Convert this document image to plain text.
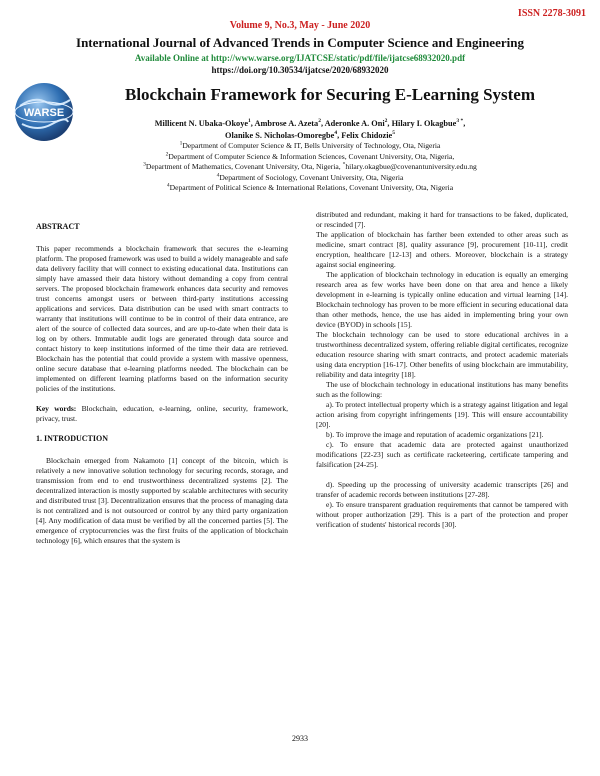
ISSN 2278-3091
Volume 9, No.3, May - June 2020
International Journal of Advanced Trends in Computer Science and Engineering
Available Online at http://www.warse.org/IJATCSE/static/pdf/file/ijatcse68932020.pdf
https://doi.org/10.30534/ijatcse/2020/68932020
WARSE
Blockchain Framework for Securing E-Learning System
Millicent N. Ubaka-Okoye$^1$, Ambrose A. Azeta$^2$, Aderonke A. Oni$^2$, Hilary I. Okagbue$^{3 *}$,
Olanike S. Nicholas-Omoregbe$^4$, Felix Chidozie$^5$
$^1$Department of Computer Science & IT, Bells University of Technology, Ota, Nigeria
$^2$Department of Computer Science & Information Sciences, Covenant University, Ota, Nigeria,
$^3$Department of Mathematics, Covenant University, Ota, Nigeria, *hilary.okagbue@covenantuniversity.edu.ng
$^4$Department of Sociology, Covenant University, Ota, Nigeria
$^4$Department of Political Science & International Relations, Covenant University, Ota, Nigeria

ABSTRACT

This paper recommends a blockchain framework that secures the e-learning platform. The proposed framework was used to build a widely manageable and safe data delivery facility that will connect to existing educational data. Institutions can simply have amassed their data history without demanding a copy from central servers. The proposed blockchain framework enhances data security and removes trust concerns amongst users or between third-party institutions accessing applications and services. Data distribution can be used with smart contracts to warranty that institutions will continue to be in control of their data entrance, are alert of the source of collected data sources, and are up-to-date when their data is log on by others. Immutable audit logs are generated through data source and contact history to keep institutions informed of the time their data are retrieved. Blockchain has the potential that could provide a system with massive openness, online secure database that e-learning platforms needed. The blockchain can be implemented on different learning platforms based on the information security policies of the institutions.

Key words: Blockchain, education, e-learning, online, security, framework, privacy, trust.

1. INTRODUCTION

Blockchain emerged from Nakamoto [1] concept of the bitcoin, which is relatively a new innovative solution technology for securing records, storage, and transmission from end to end trustworthiness decentralized systems [2]. The decentralized interaction is mostly supported by scalable architectures with security and distributed trust [3]. Decentralization ensures that the process of managing data is not centralized and is not outsourced or control by any third party organization [4]. Any modification of data must be verified by all the concerned parties [5]. The emergence of cryptocurrencies was the first fruits of the application of blockchain technology [6], which ensures that the system is

distributed and redundant, making it hard for transactions to be faked, duplicated, or rescinded [7].

The application of blockchain has farther been extended to other areas such as medicine, smart contract [8], quality assurance [9], procurement [10-11], credit encryption, healthcare [12-13] and others. Moreover, blockchain is a strategy against social engineering.

The application of blockchain technology in education is equally an emerging research area as few works have been done on that area and hence a likely development in e-learning is typically online education and virtual learning [14]. Blockchain technology has proven to be more efficient in securing educational data than other methods, hence, the use has aided in implementing bring your own device (BYOD) in schools [15].

The blockchain technology can be used to store educational archives in a trustworthiness decentralized system, offering reliable digital certificates, recognize education resource sharing with smart contracts, and protect academic materials using data encryption [16-17]. Other benefits of using blockchain are immutability, reliability and data integrity [18].

The use of blockchain technology in educational institutions has many benefits such as the following:

a). To protect intellectual property which is a strategy against litigation and legal action arising from copyright infringements [19]. This will ensure accountability [20].

b). To improve the image and reputation of academic organizations [21].

c). To ensure that academic data are protected against unauthorized modifications [22-23] such as certificate racketeering, certificate tampering and falsification [24-25].

d). Speeding up the processing of university academic transcripts [26] and transfer of academic records between institutions [27-28].

e). To ensure transparent graduation requirements that cannot be tampered with without proper authorization [29]. This is a part of the protection and proper verification of students' historical records [30].

2933
